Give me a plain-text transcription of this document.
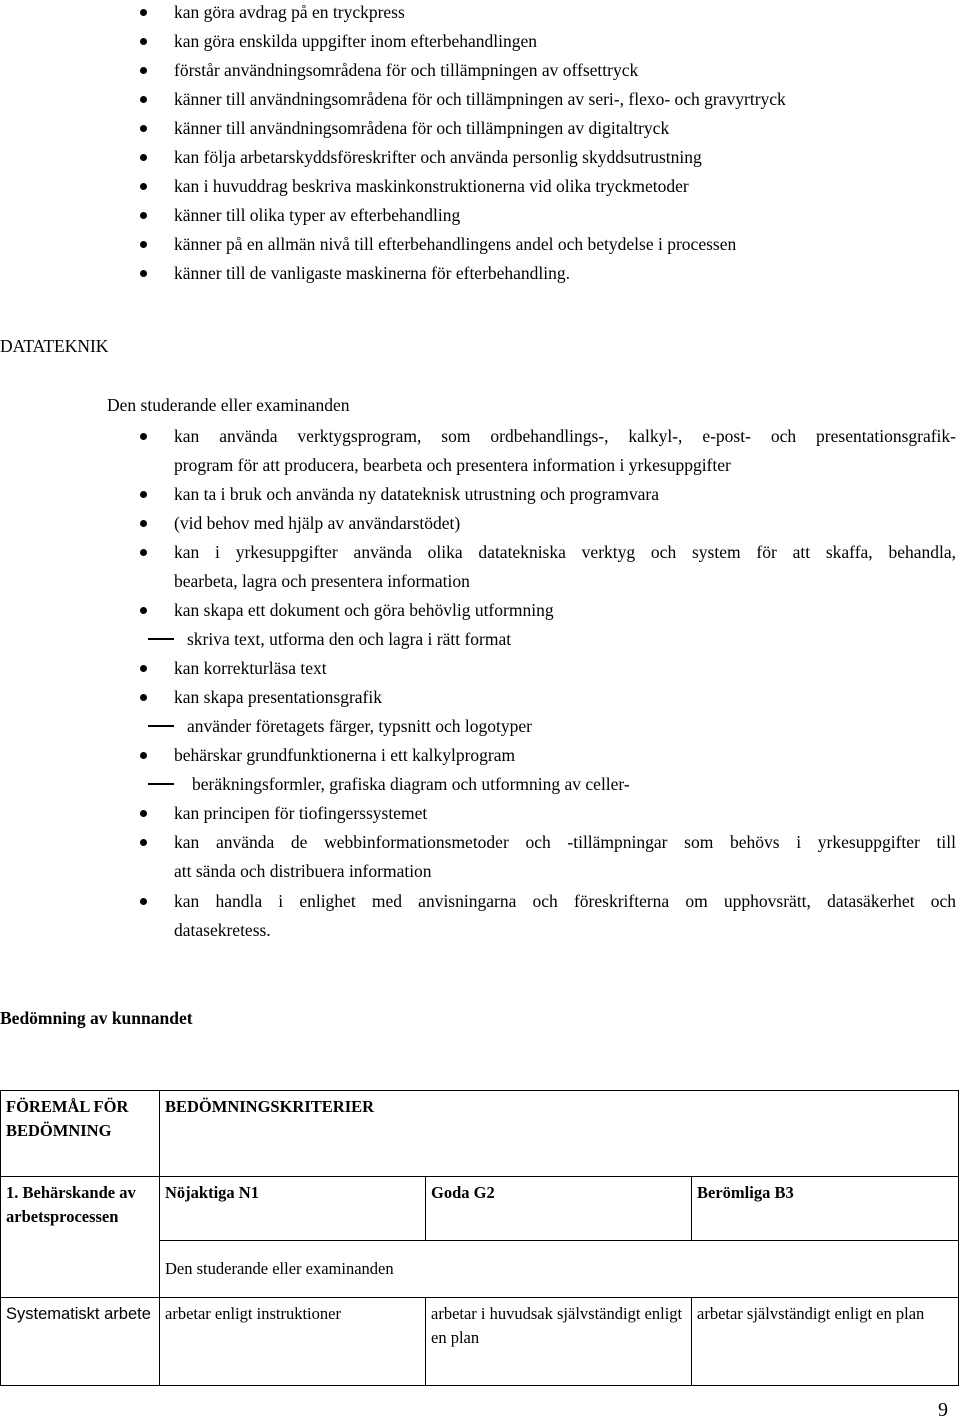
kan göra avdrag på en tryckpress
kan göra enskilda uppgifter inom efterbehandlingen
förstår användningsområdena för och tillämpningen av offsettryck
känner till användningsområdena för och tillämpningen av seri-, flexo- och gravyrtryck
känner till användningsområdena för och tillämpningen av digitaltryck
kan följa arbetarskyddsföreskrifter och använda personlig skyddsutrustning
kan i huvuddrag beskriva maskinkonstruktionerna vid olika tryckmetoder
känner till olika typer av efterbehandling
känner på en allmän nivå till efterbehandlingens andel och betydelse i processen
känner till de vanligaste maskinerna för efterbehandling.
DATATEKNIK
Den studerande eller examinanden
kan använda verktygsprogram, som ordbehandlings-, kalkyl-, e-post- och presentationsgrafik-
program för att producera, bearbeta och presentera information i yrkesuppgifter
kan ta i bruk och använda ny datateknisk utrustning och programvara
(vid behov med hjälp av användarstödet)
kan i yrkesuppgifter använda olika datatekniska verktyg och system för att skaffa, behandla,
bearbeta, lagra och presentera information
kan skapa ett dokument och göra behövlig utformning
skriva text, utforma den och lagra i rätt format
kan korrekturläsa text
kan skapa presentationsgrafik
använder företagets färger, typsnitt och logotyper
behärskar grundfunktionerna i ett kalkylprogram
beräkningsformler, grafiska diagram och utformning av celler-
kan principen för tiofingerssystemet
kan använda de webbinformationsmetoder och -tillämpningar som behövs i yrkesuppgifter till
att sända och distribuera information
kan handla i enlighet med anvisningarna och föreskrifterna om upphovsrätt, datasäkerhet och
datasekretess.
Bedömning av kunnandet
FÖREMÅL FÖR BEDÖMNING	BEDÖMNINGSKRITERIER		
1. Behärskande av arbetsprocessen	Nöjaktiga N1	Goda G2	Berömliga B3
	Den studerande eller examinanden		
Systematiskt arbete	arbetar enligt instruktioner	arbetar i huvudsak självständigt enligt en plan	arbetar självständigt enligt en plan
9
